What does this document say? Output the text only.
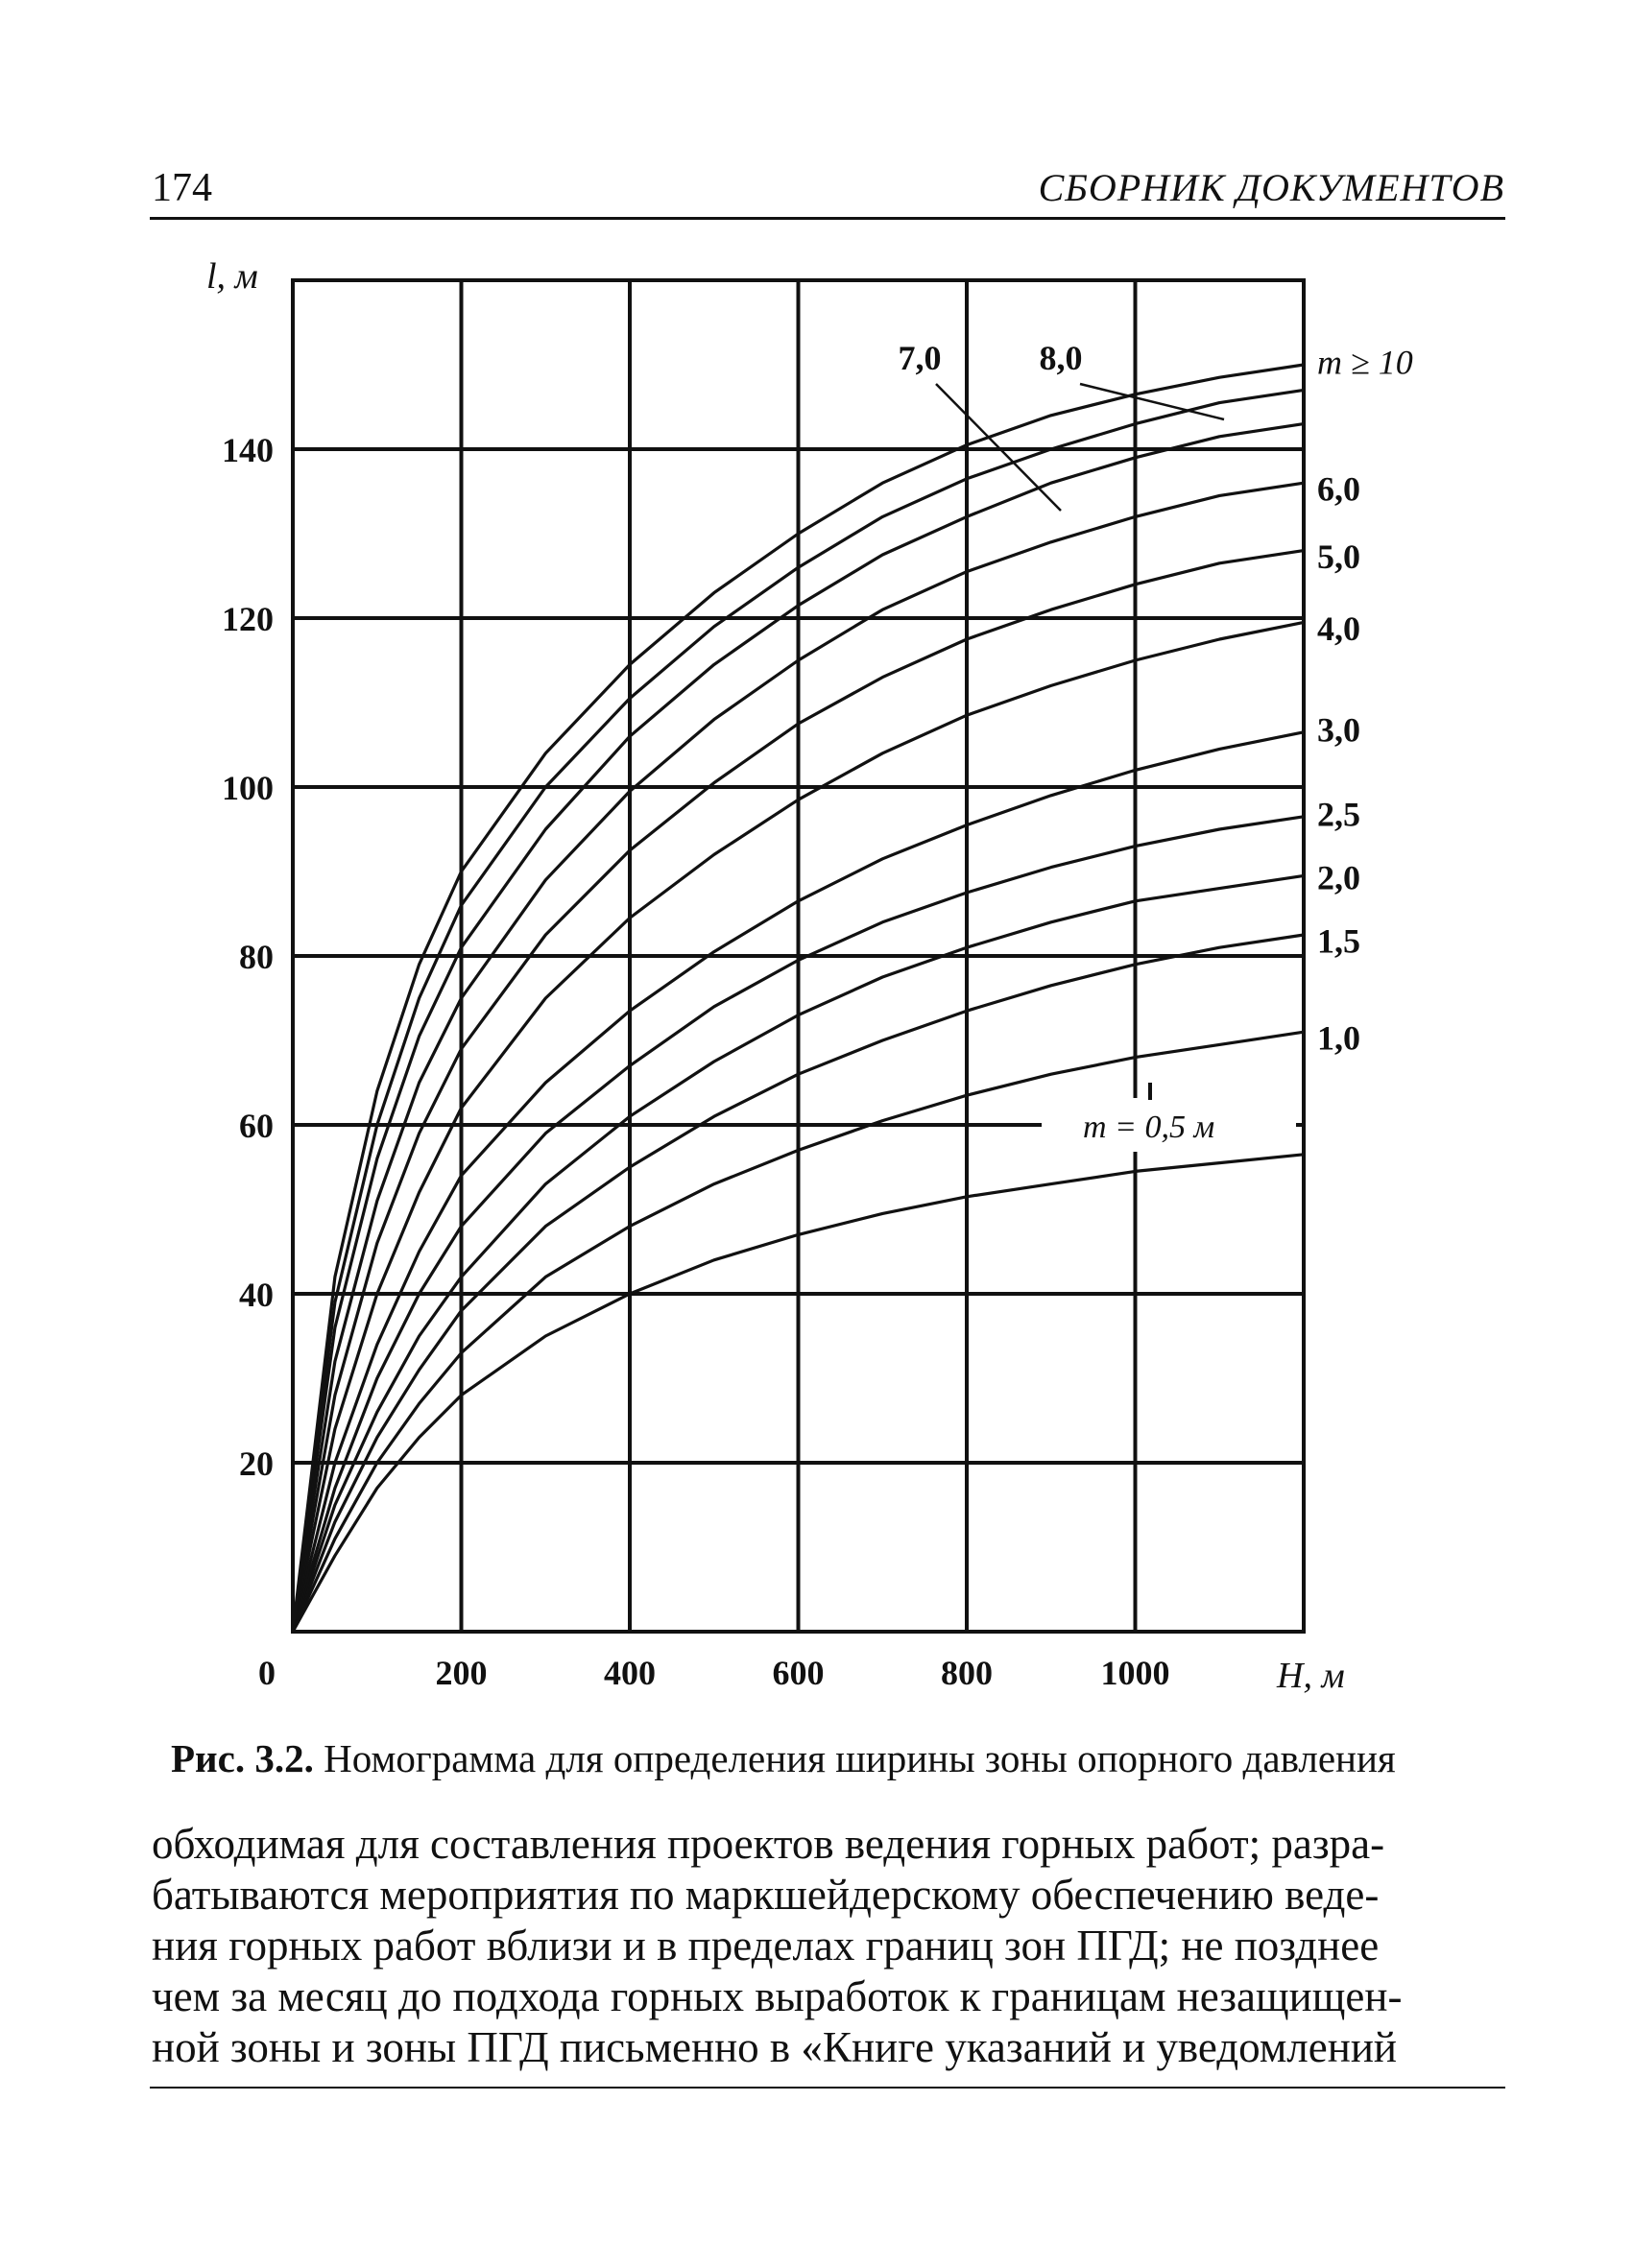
174	СБОРНИК ДОКУМЕНТОВ
200	400	600	800	1000
20
40
60
80
100
120
140
0
m ≥ 10
6,0
5,0
4,0
3,0
2,5
2,0
1,5
1,0
7,0	8,0
m = 0,5 м
l, м
H, м
Рис. 3.2. Номограмма для определения ширины зоны опорного давления
обходимая для составления проектов ведения горных работ; разра-
батываются мероприятия по маркшейдерскому обеспечению веде-
ния горных работ вблизи и в пределах границ зон ПГД; не позднее
чем за месяц до подхода горных выработок к границам незащищен-
ной зоны и зоны ПГД письменно в «Книге указаний и уведомлений
